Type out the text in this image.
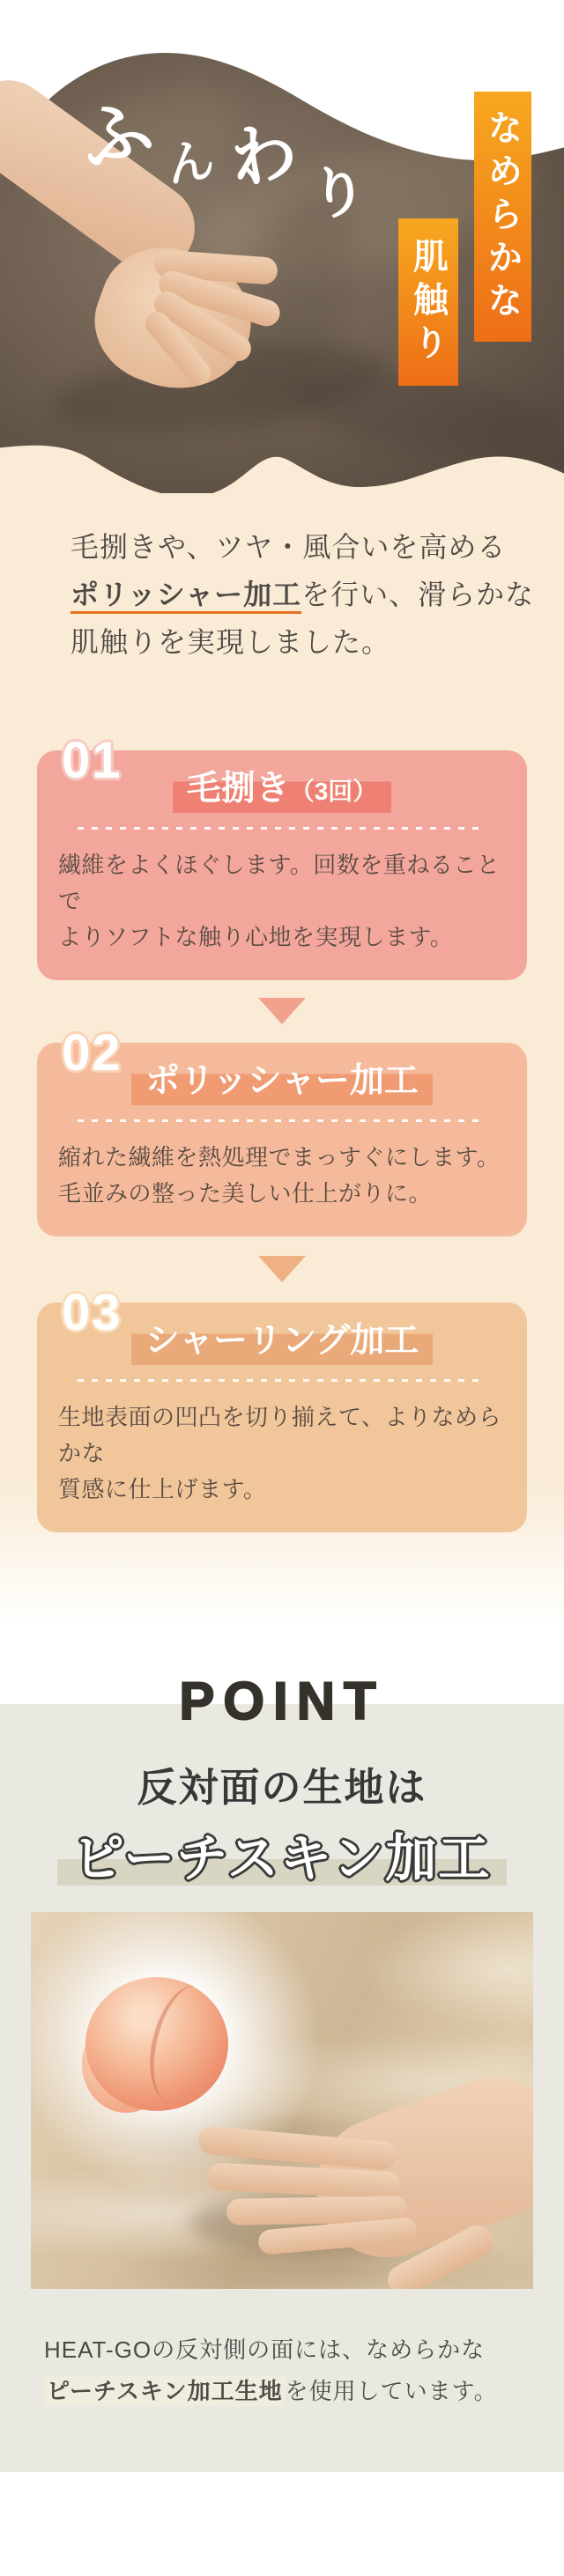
ふ ん わ り	なめらかな
肌触り

毛捌きや、ツヤ・風合いを高める
ポリッシャー加工を行い、滑らかな
肌触りを実現しました。

01	毛捌き（3回）
繊維をよくほぐします。回数を重ねることで
よりソフトな触り心地を実現します。
02 ポリッシャー加工
縮れた繊維を熱処理でまっすぐにします。
毛並みの整った美しい仕上がりに。
03 シャーリング加工
生地表面の凹凸を切り揃えて、よりなめらかな
質感に仕上げます。
POINT
反対面の生地は
ピーチスキン加工

HEAT-GOの反対側の面には、なめらかな
ピーチスキン加工生地 を使用しています。
